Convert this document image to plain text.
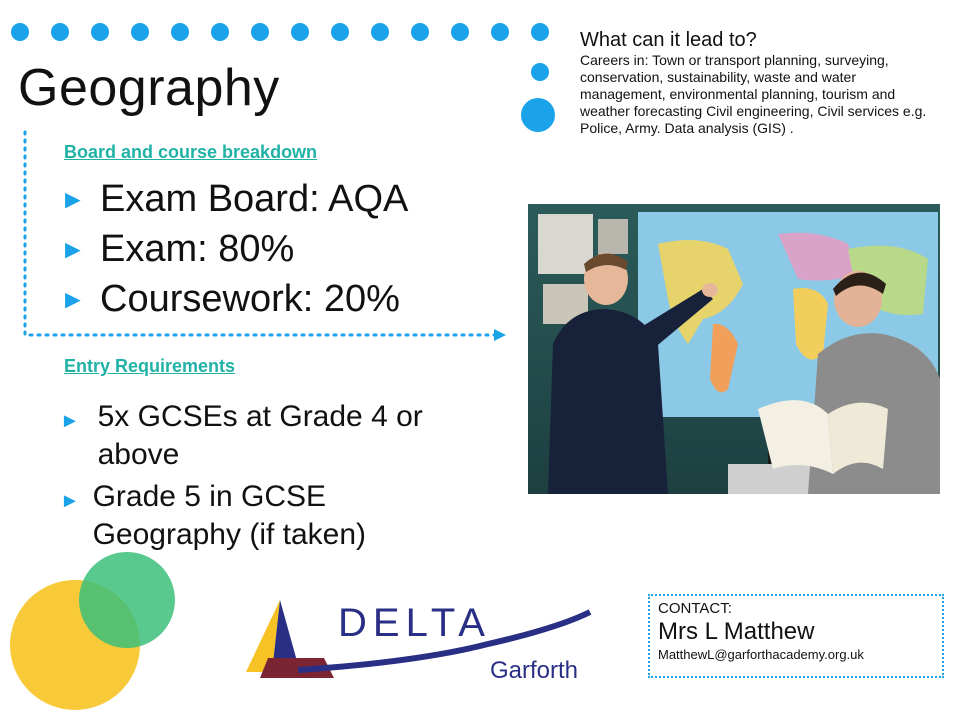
Geography
Board and course breakdown
► Exam Board: AQA
► Exam: 80%
► Coursework: 20%
Entry Requirements
► 5x GCSEs at Grade 4 or above
► Grade 5 in GCSE Geography (if taken)
What can it lead to?

Careers in: Town or transport planning, surveying, conservation, sustainability, waste and water management, environmental planning, tourism and weather forecasting Civil engineering, Civil services e.g. Police, Army. Data analysis (GIS) .

DELTA
Garforth
CONTACT:
Mrs L Matthew
MatthewL@garforthacademy.org.uk
